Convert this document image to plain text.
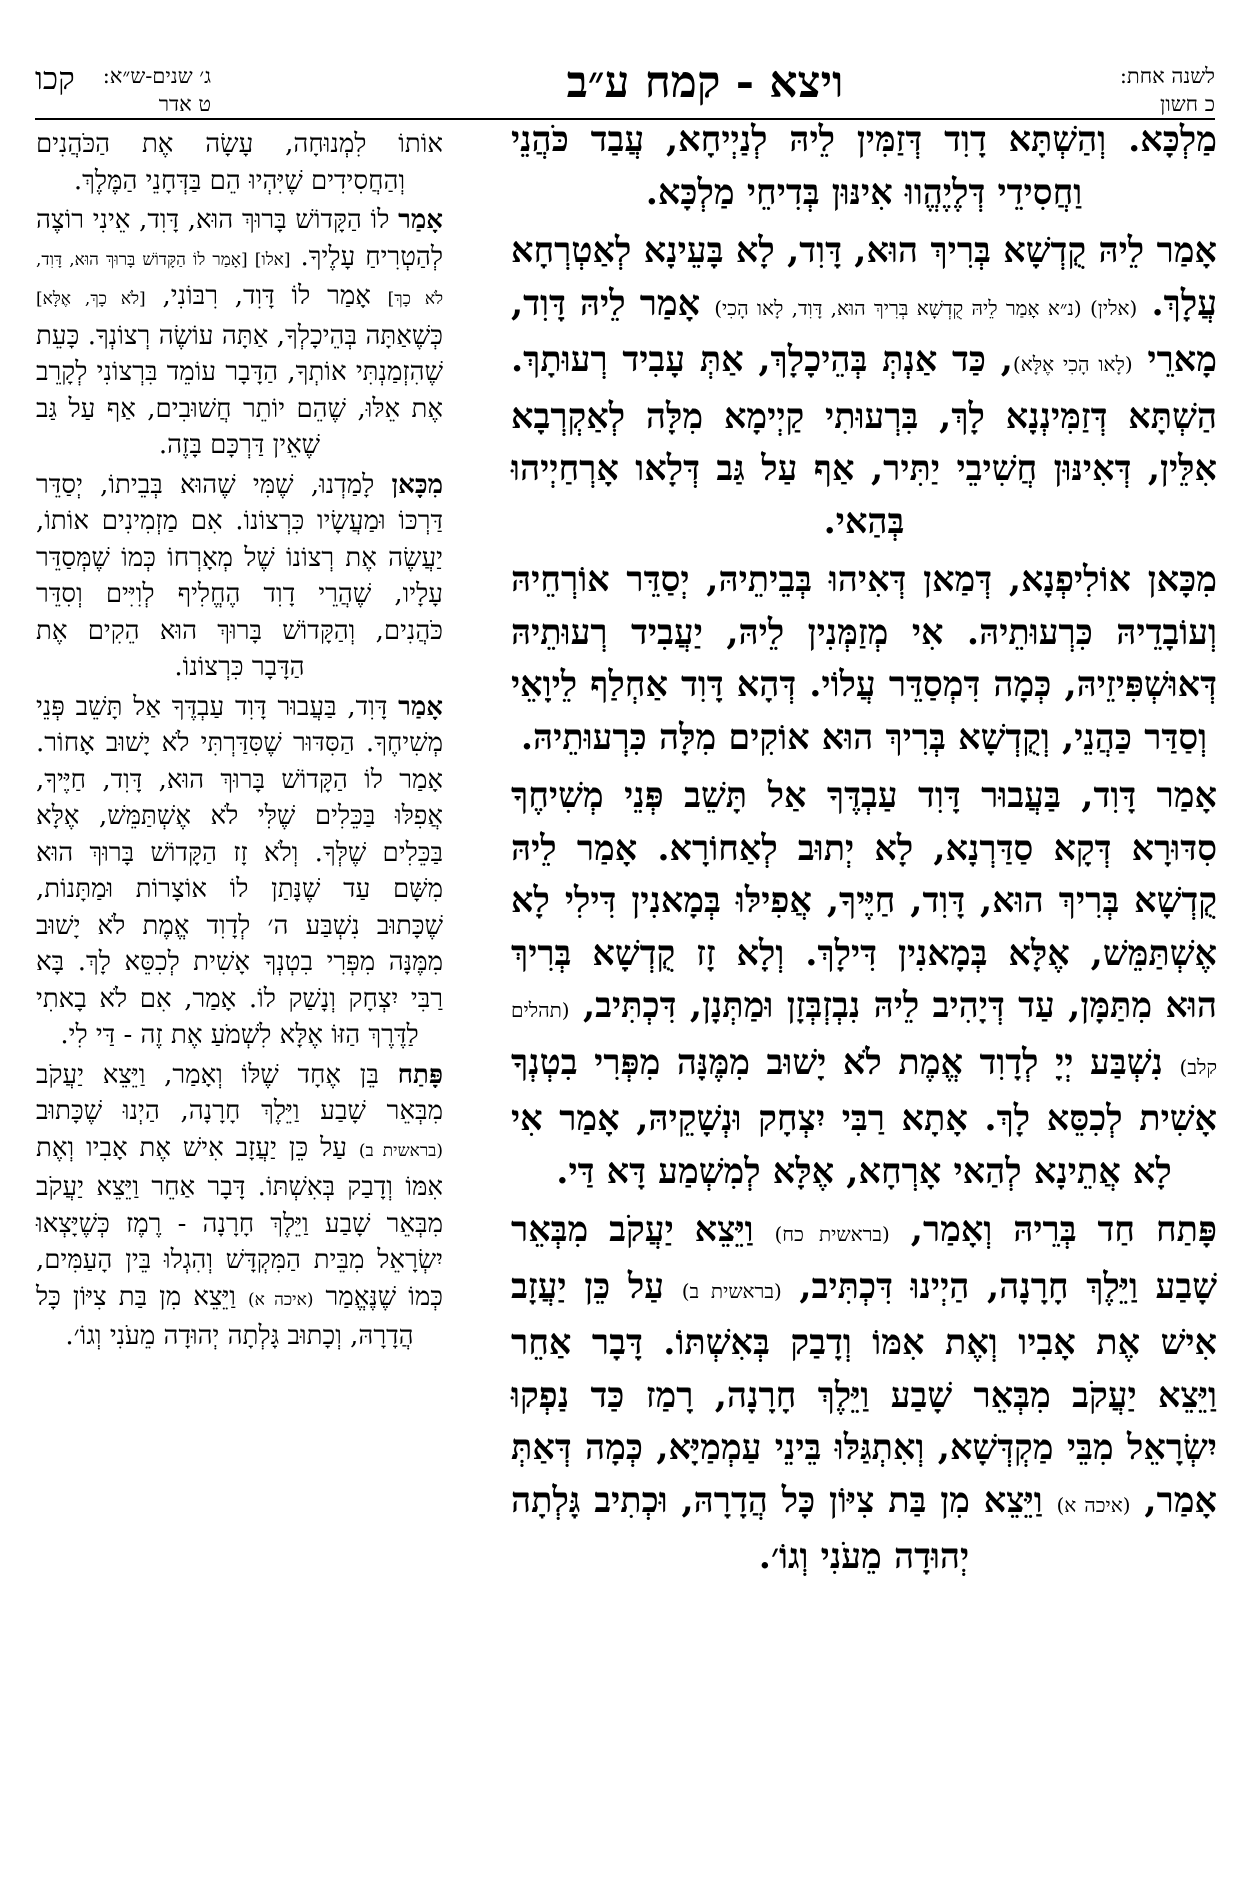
קכו ג׳ שנים-ש״א:
ט אדר	ויצא - קמח ע״ב	לשנה אחת:
כ חשון

מַלְכָּא. וְהַשְׁתָּא דָוִד דְּזַמִּין לֵיהּ לְנַיְיחָא, עֲבַד כֹּהֲנֵי וַחֲסִידֵי דְּלֶיֶהֱווּ אִינּוּן בְּדִיחֵי מַלְכָּא.

אָמַר לֵיהּ קֻדְשָׁא בְּרִיךְ הוּא, דָּוִד, לָא בָּעֵינָא לְאַטְרְחָא עֲלָךְ. (אלין) (נ״א אָמַר לֵיהּ קֻדְשָׁא בְּרִיךְ הוּא, דָּוִד, לָאו הָכִי) אָמַר לֵיהּ דָּוִד, מָארֵי (לָאו הָכִי אֶלָּא), כַּד אַנְתְּ בְּהֵיכָלָךְ, אַתְּ עָבִיד רְעוּתָךְ. הַשְׁתָּא דְּזַמִּינְנָא לָךְ, בִּרְעוּתִי קַיְימָא מִלָּה לְאַקְרְבָא אִלֵּין, דְּאִינּוּן חֲשִׁיבֵי יַתִּיר, אַף עַל גַּב דְּלָאו אָרְחַיְיהוּ בְּהַאי.

מִכָּאן אוֹלִיפְנָא, דְּמַאן דְּאִיהוּ בְּבֵיתֵיהּ, יְסַדֵּר אוֹרְחֵיהּ וְעוֹבָדֵיהּ כִּרְעוּתֵיהּ. אִי מְזַמְּנִין לֵיהּ, יַעֲבִיד רְעוּתֵיהּ דְּאוּשְׁפִּיזֵיהּ, כְּמָה דִּמְסַדֵּר עֲלוֹי. דְּהָא דָּוִד אַחְלַף לֵיוָאֵי וְסַדַּר כַּהֲנֵי, וְקֻדְשָׁא בְּרִיךְ הוּא אוֹקִים מִלָּה כִּרְעוּתֵיהּ.

אָמַר דָּוִד, בַּעֲבוּר דָּוִד עַבְדֶּךָ אַל תָּשֵׁב פְּנֵי מְשִׁיחֶךָ סִדּוּרָא דְּקָא סַדַּרְנָא, לָא יְתוּב לְאַחוֹרָא. אָמַר לֵיהּ קֻדְשָׁא בְּרִיךְ הוּא, דָּוִד, חַיֶּיךָ, אֲפִילּוּ בְּמָאנִין דִּילִי לָא אֶשְׁתַּמֵּשׁ, אֶלָּא בְּמָאנִין דִּילָךְ. וְלָא זָז קֻדְשָׁא בְּרִיךְ הוּא מִתַּמָּן, עַד דְּיָהִיב לֵיהּ נִבְזְבְּזָן וּמַתְּנָן, דִּכְתִּיב, (תהלים קלב) נִשְׁבַּע יְיָ לְדָוִד אֱמֶת לֹא יָשׁוּב מִמֶּנָּה מִפְּרִי בִטְנְךָ אָשִׁית לְכִסֵּא לָךְ. אָתָא רַבִּי יִצְחָק וּנְשָׁקֵיהּ, אָמַר אִי לָא אֲתֵינָא לְהַאי אָרְחָא, אֶלָּא לְמִשְׁמַע דָּא דַּי.

פָּתַח חַד בְּרֵיהּ וְאָמַר, (בראשית כח) וַיֵּצֵא יַעֲקֹב מִבְּאֵר שָׁבַע וַיֵּלֶךְ חָרָנָה, הַיְינוּ דִּכְתִּיב, (בראשית ב) עַל כֵּן יַעֲזָב אִישׁ אֶת אָבִיו וְאֶת אִמּוֹ וְדָבַק בְּאִשְׁתּוֹ. דָּבָר אַחֵר וַיֵּצֵא יַעֲקֹב מִבְּאֵר שָׁבַע וַיֵּלֶךְ חָרָנָה, רָמַז כַּד נַפְקוּ יִשְׂרָאֵל מִבֵּי מַקְדְּשָׁא, וְאִתְגַּלּוּ בֵּינֵי עַמְמַיָּא, כְּמָה דְּאַתְּ אָמַר, (איכה א) וַיֵּצֵא מִן בַּת צִיּוֹן כָּל הֲדָרָהּ, וּכְתִיב גָּלְתָה יְהוּדָה מֵעֹנִי וְגוֹ׳.

אוֹתוֹ לִמְנוּחָה, עָשָׂה אֶת הַכֹּהֲנִים וְהַחֲסִידִים שֶׁיִּהְיוּ הֵם בַּדְּחָנֵי הַמֶּלֶךְ.

אָמַר לוֹ הַקָּדוֹשׁ בָּרוּךְ הוּא, דָּוִד, אֵינִי רוֹצֶה לְהַטְרִיחַ עָלֶיךָ. [אלו] [אָמַר לוֹ הַקָּדוֹשׁ בָּרוּךְ הוּא, דָּוִד, לֹא כָךְ] אָמַר לוֹ דָּוִד, רִבּוֹנִי, [לֹא כָךְ, אֶלָּא] כְּשֶׁאַתָּה בְּהֵיכָלְךָ, אַתָּה עוֹשֶׂה רְצוֹנְךָ. כָּעֵת שֶׁהִזְמַנְתִּי אוֹתְךָ, הַדָּבָר עוֹמֵד בִּרְצוֹנִי לְקָרֵב אֶת אֵלּוּ, שֶׁהֵם יוֹתֵר חֲשׁוּבִים, אַף עַל גַּב שֶׁאֵין דַּרְכָּם בָּזֶה.

מִכָּאן לָמַדְנוּ, שֶׁמִּי שֶׁהוּא בְּבֵיתוֹ, יְסַדֵּר דַּרְכּוֹ וּמַעֲשָׂיו כִּרְצוֹנוֹ. אִם מַזְמִינִים אוֹתוֹ, יַעֲשֶׂה אֶת רְצוֹנוֹ שֶׁל מְאָרְחוֹ כְּמוֹ שֶׁמְּסַדֵּר עָלָיו, שֶׁהֲרֵי דָוִד הֶחֱלִיף לְוִיִּים וְסִדֵּר כֹּהֲנִים, וְהַקָּדוֹשׁ בָּרוּךְ הוּא הֵקִים אֶת הַדָּבָר כִּרְצוֹנוֹ.

אָמַר דָּוִד, בַּעֲבוּר דָּוִד עַבְדֶּךָ אַל תָּשֵׁב פְּנֵי מְשִׁיחֶךָ. הַסִּדּוּר שֶׁסִּדַּרְתִּי לֹא יָשׁוּב אָחוֹר. אָמַר לוֹ הַקָּדוֹשׁ בָּרוּךְ הוּא, דָּוִד, חַיֶּיךָ, אֲפִלּוּ בַּכֵּלִים שֶׁלִּי לֹא אֶשְׁתַּמֵּשׁ, אֶלָּא בַּכֵּלִים שֶׁלְּךָ. וְלֹא זָז הַקָּדוֹשׁ בָּרוּךְ הוּא מִשָּׁם עַד שֶׁנָּתַן לוֹ אוֹצָרוֹת וּמַתָּנוֹת, שֶׁכָּתוּב נִשְׁבַּע ה׳ לְדָוִד אֱמֶת לֹא יָשׁוּב מִמֶּנָּה מִפְּרִי בִטְנְךָ אָשִׁית לְכִסֵּא לָךְ. בָּא רַבִּי יִצְחָק וְנָשַׁק לוֹ. אָמַר, אִם לֹא בָאתִי לַדֶּרֶךְ הַזּוֹ אֶלָּא לִשְׁמֹעַ אֶת זֶה - דַּי לִי.

פָּתַח בֵּן אֶחָד שֶׁלּוֹ וְאָמַר, וַיֵּצֵא יַעֲקֹב מִבְּאֵר שָׁבַע וַיֵּלֶךְ חָרָנָה, הַיְנוּ שֶׁכָּתוּב (בראשית ב) עַל כֵּן יַעֲזָב אִישׁ אֶת אָבִיו וְאֶת אִמּוֹ וְדָבַק בְּאִשְׁתּוֹ. דָּבָר אַחֵר וַיֵּצֵא יַעֲקֹב מִבְּאֵר שָׁבַע וַיֵּלֶךְ חָרָנָה - רֶמֶז כְּשֶׁיָּצְאוּ יִשְׂרָאֵל מִבֵּית הַמִּקְדָּשׁ וְהִגְלוּ בֵּין הָעַמִּים, כְּמוֹ שֶׁנֶּאֱמַר (איכה א) וַיֵּצֵא מִן בַּת צִיּוֹן כָּל הֲדָרָהּ, וְכָתוּב גָּלְתָה יְהוּדָה מֵעֹנִי וְגוֹ׳.
